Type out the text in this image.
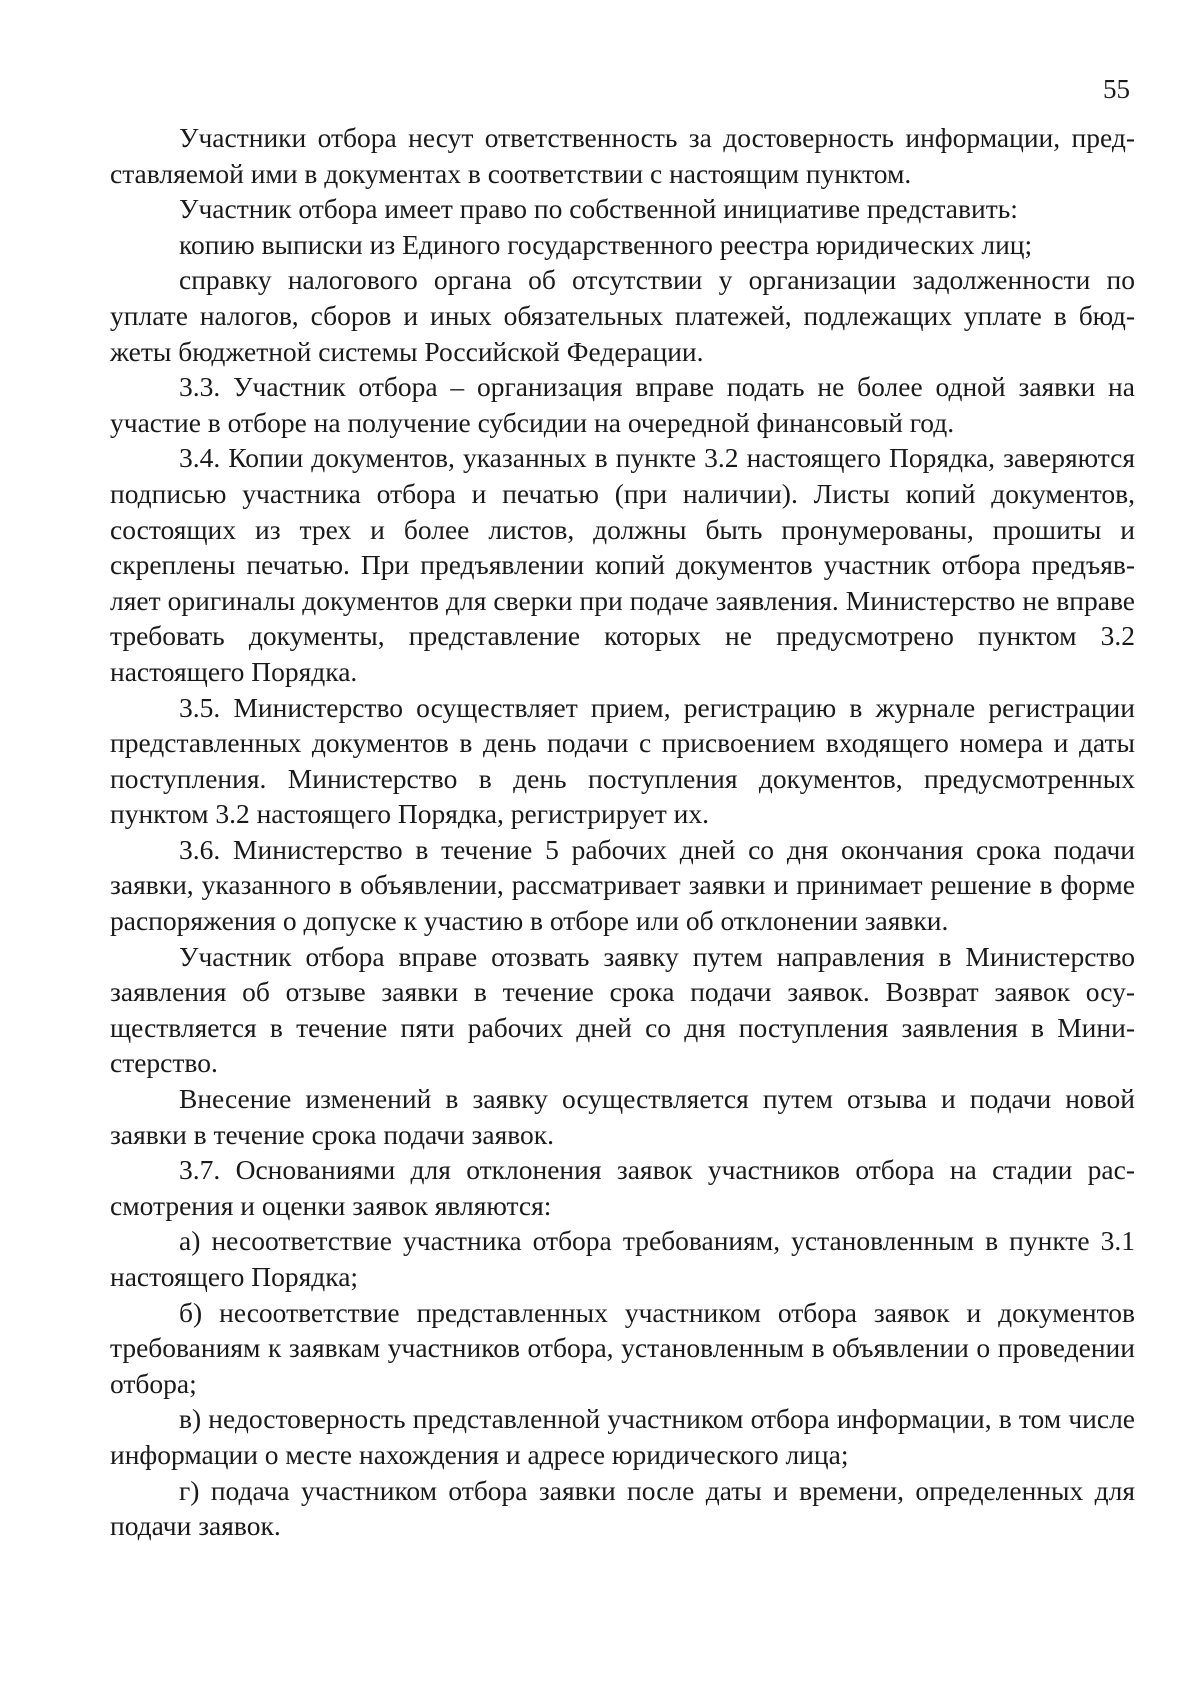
55

Участники отбора несут ответственность за достоверность информации, представляемой ими в документах в соответствии с настоящим пунктом.

Участник отбора имеет право по собственной инициативе представить:

копию выписки из Единого государственного реестра юридических лиц;

справку налогового органа об отсутствии у организации задолженности по уплате налогов, сборов и иных обязательных платежей, подлежащих уплате в бюджеты бюджетной системы Российской Федерации.

3.3. Участник отбора – организация вправе подать не более одной заявки на участие в отборе на получение субсидии на очередной финансовый год.

3.4. Копии документов, указанных в пункте 3.2 настоящего Порядка, заверяются подписью участника отбора и печатью (при наличии). Листы копий документов, состоящих из трех и более листов, должны быть пронумерованы, прошиты и скреплены печатью. При предъявлении копий документов участник отбора предъявляет оригиналы документов для сверки при подаче заявления. Министерство не вправе требовать документы, представление которых не предусмотрено пунктом 3.2 настоящего Порядка.

3.5. Министерство осуществляет прием, регистрацию в журнале регистрации представленных документов в день подачи с присвоением входящего номера и даты поступления. Министерство в день поступления документов, предусмотренных пунктом 3.2 настоящего Порядка, регистрирует их.

3.6. Министерство в течение 5 рабочих дней со дня окончания срока подачи заявки, указанного в объявлении, рассматривает заявки и принимает решение в форме распоряжения о допуске к участию в отборе или об отклонении заявки.

Участник отбора вправе отозвать заявку путем направления в Министерство заявления об отзыве заявки в течение срока подачи заявок. Возврат заявок осуществляется в течение пяти рабочих дней со дня поступления заявления в Министерство.

Внесение изменений в заявку осуществляется путем отзыва и подачи новой заявки в течение срока подачи заявок.

3.7. Основаниями для отклонения заявок участников отбора на стадии рассмотрения и оценки заявок являются:

а) несоответствие участника отбора требованиям, установленным в пункте 3.1 настоящего Порядка;

б) несоответствие представленных участником отбора заявок и документов требованиям к заявкам участников отбора, установленным в объявлении о проведении отбора;

в) недостоверность представленной участником отбора информации, в том числе информации о месте нахождения и адресе юридического лица;

г) подача участником отбора заявки после даты и времени, определенных для подачи заявок.
